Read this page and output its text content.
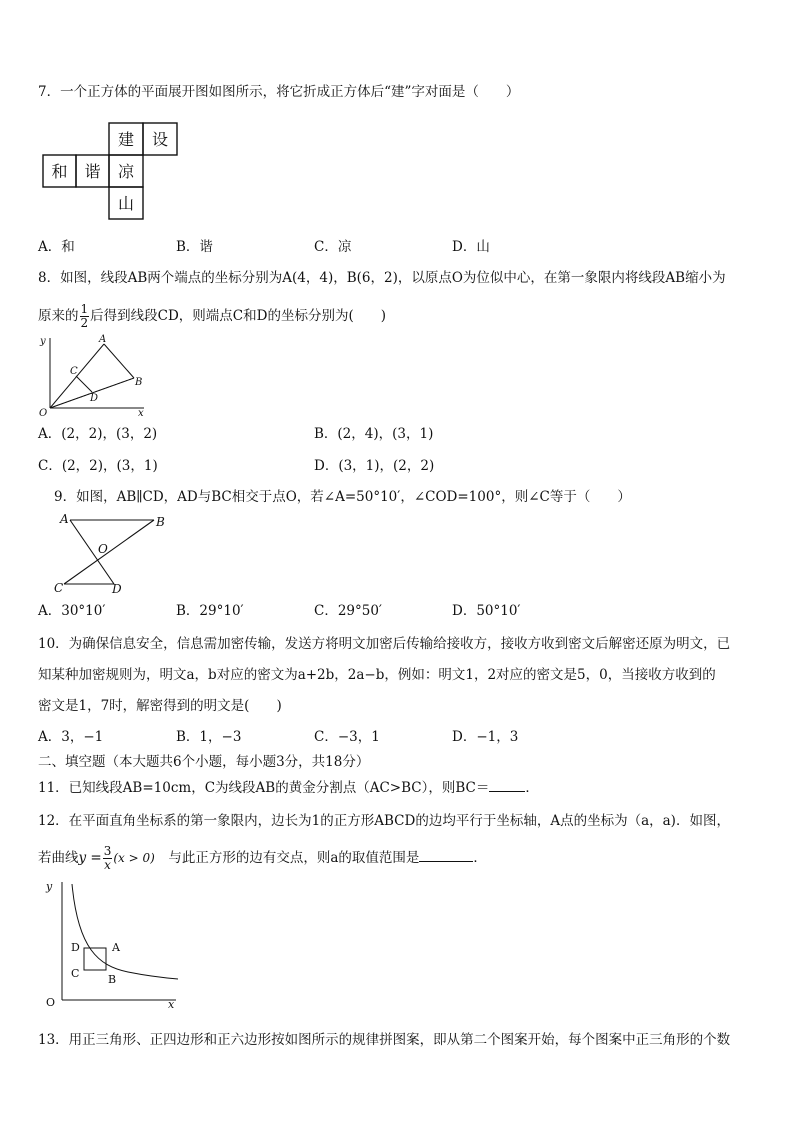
7．一个正方体的平面展开图如图所示，将它折成正方体后“建”字对面是（　　）
建 设
和 谐 凉
山
A．和	B．谐	C．凉	D．山
8．如图，线段AB两个端点的坐标分别为A(4，4)，B(6，2)，以原点O为位似中心，在第一象限内将线段AB缩小为
原来的 $\frac{1}{2}$ 后得到线段CD，则端点C和D的坐标分别为(　　)
y
x
O
A
B
C
D
A．(2，2)，(3，2)	B．(2，4)，(3，1)
C．(2，2)，(3，1)	D．(3，1)，(2，2)
9．如图，AB∥CD，AD与BC相交于点O，若∠A=50°10′，∠COD=100°，则∠C等于（　　）
A	B
O
C	D
A．30°10′	B．29°10′	C．29°50′	D．50°10′
10．为确保信息安全，信息需加密传输，发送方将明文加密后传输给接收方，接收方收到密文后解密还原为明文，已
知某种加密规则为，明文a，b对应的密文为a+2b，2a−b，例如：明文1，2对应的密文是5，0，当接收方收到的
密文是1，7时，解密得到的明文是(　　)
A．3，−1	B．1，−3	C．−3，1	D．−1，3
二、填空题（本大题共6个小题，每小题3分，共18分）
11．已知线段AB=10cm，C为线段AB的黄金分割点（AC>BC），则BC＝	．
12．在平面直角坐标系的第一象限内，边长为1的正方形ABCD的边均平行于坐标轴，A点的坐标为（a，a)．如图，
若曲线$y = \frac{3}{x} (x > 0)$  与此正方形的边有交点，则a的取值范围是	．
y
x
O
D	A
C	B
13．用正三角形、正四边形和正六边形按如图所示的规律拼图案，即从第二个图案开始，每个图案中正三角形的个数
